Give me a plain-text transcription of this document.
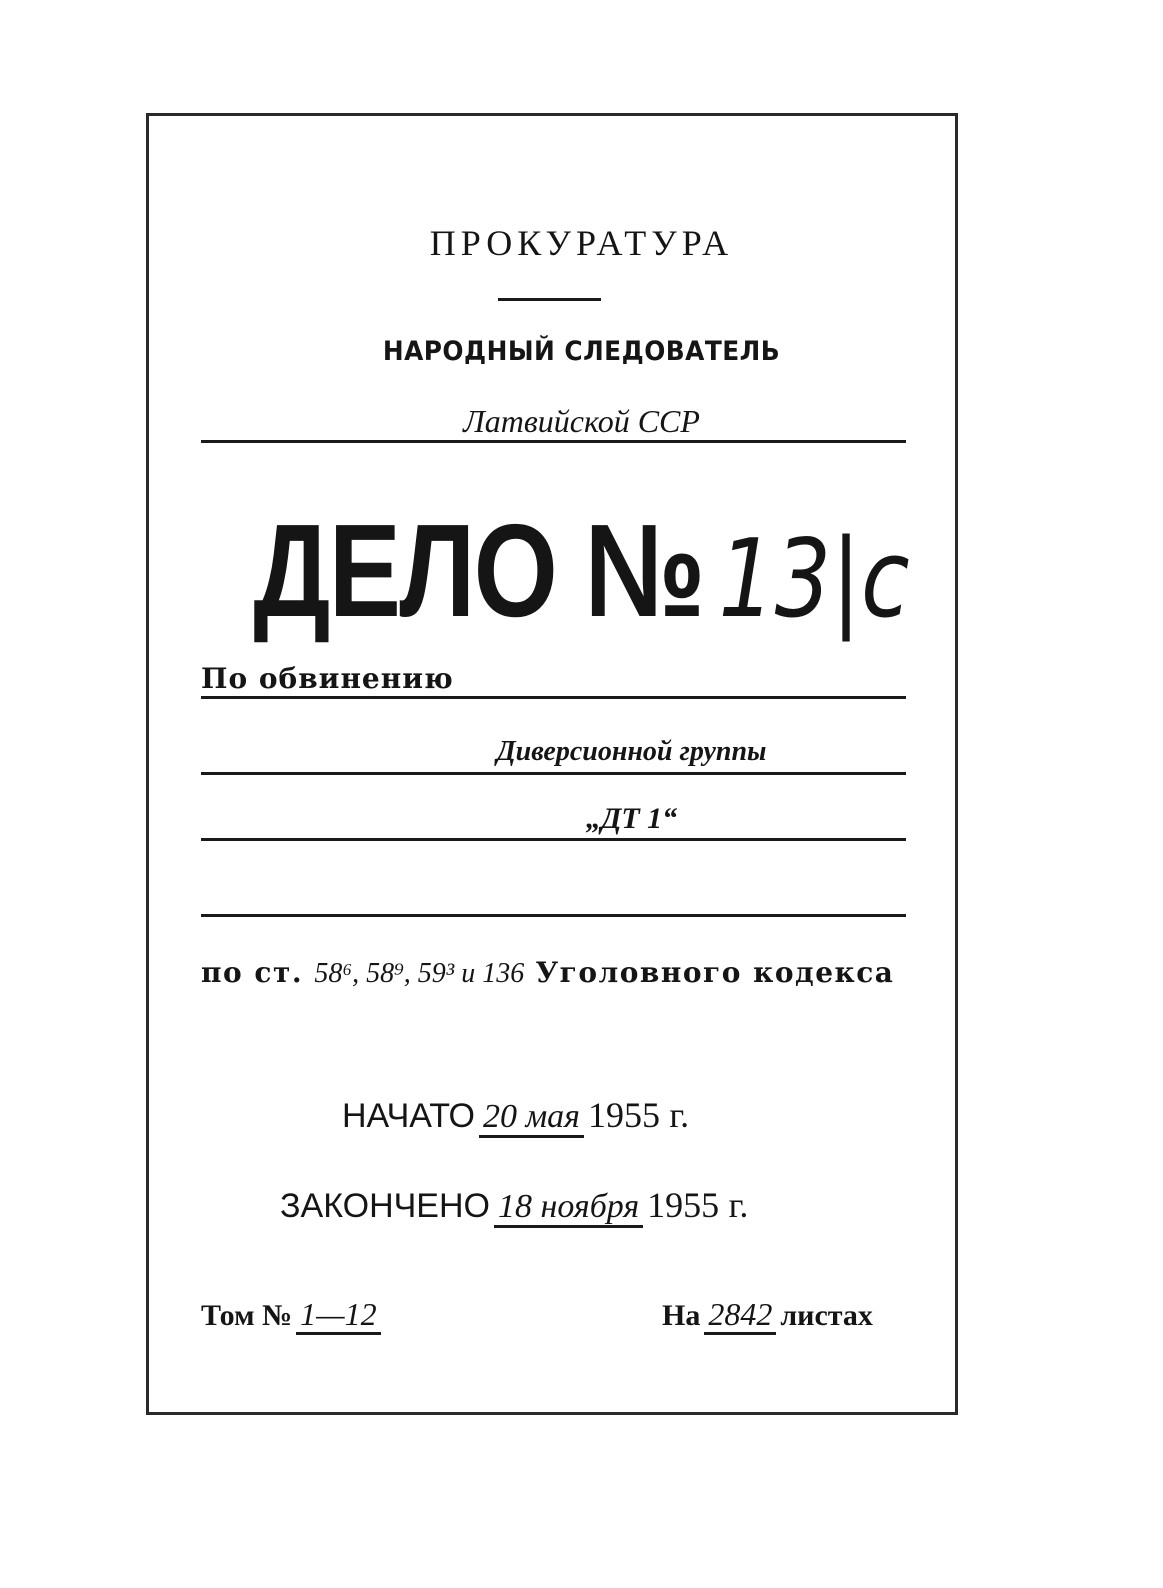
ПРОКУРАТУРА
НАРОДНЫЙ СЛЕДОВАТЕЛЬ
Латвийской ССР
ДЕЛО № 13|с
По обвинению
Диверсионной группы
„ДТ 1“
по ст. 58⁶, 58⁹, 59³ и 136 Уголовного кодекса
НАЧАТО 20 мая 1955 г.
ЗАКОНЧЕНО 18 ноября 1955 г.
Том № 1—12	На 2842 листах
